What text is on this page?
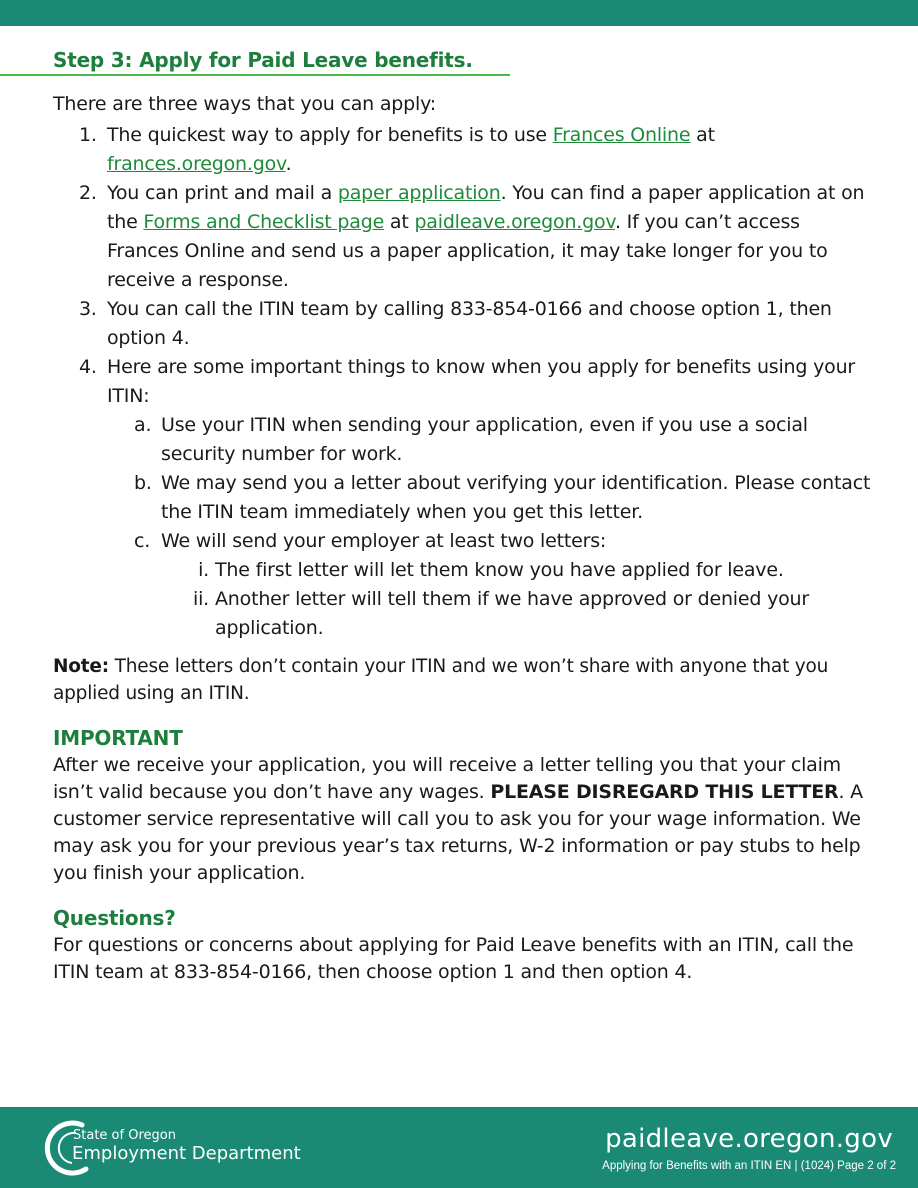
Step 3: Apply for Paid Leave benefits.

There are three ways that you can apply:

1. The quickest way to apply for benefits is to use Frances Online at
frances.oregon.gov.
2. You can print and mail a paper application. You can find a paper application at on the Forms and Checklist page at paidleave.oregon.gov. If you can’t access Frances Online and send us a paper application, it may take longer for you to receive a response.
3. You can call the ITIN team by calling 833-854-0166 and choose option 1, then option 4.
4. Here are some important things to know when you apply for benefits using your ITIN:
a. Use your ITIN when sending your application, even if you use a social security number for work.
b. We may send you a letter about verifying your identification. Please contact the ITIN team immediately when you get this letter.
c. We will send your employer at least two letters:
i. The first letter will let them know you have applied for leave.
ii. Another letter will tell them if we have approved or denied your application.

Note: These letters don’t contain your ITIN and we won’t share with anyone that you applied using an ITIN.

IMPORTANT

After we receive your application, you will receive a letter telling you that your claim isn’t valid because you don’t have any wages. PLEASE DISREGARD THIS LETTER. A customer service representative will call you to ask you for your wage information. We may ask you for your previous year’s tax returns, W-2 information or pay stubs to help you finish your application.

Questions?

For questions or concerns about applying for Paid Leave benefits with an ITIN, call the ITIN team at 833-854-0166, then choose option 1 and then option 4.

State of Oregon
Employment Department	paidleave.oregon.gov
Applying for Benefits with an ITIN EN | (1024) Page 2 of 2
